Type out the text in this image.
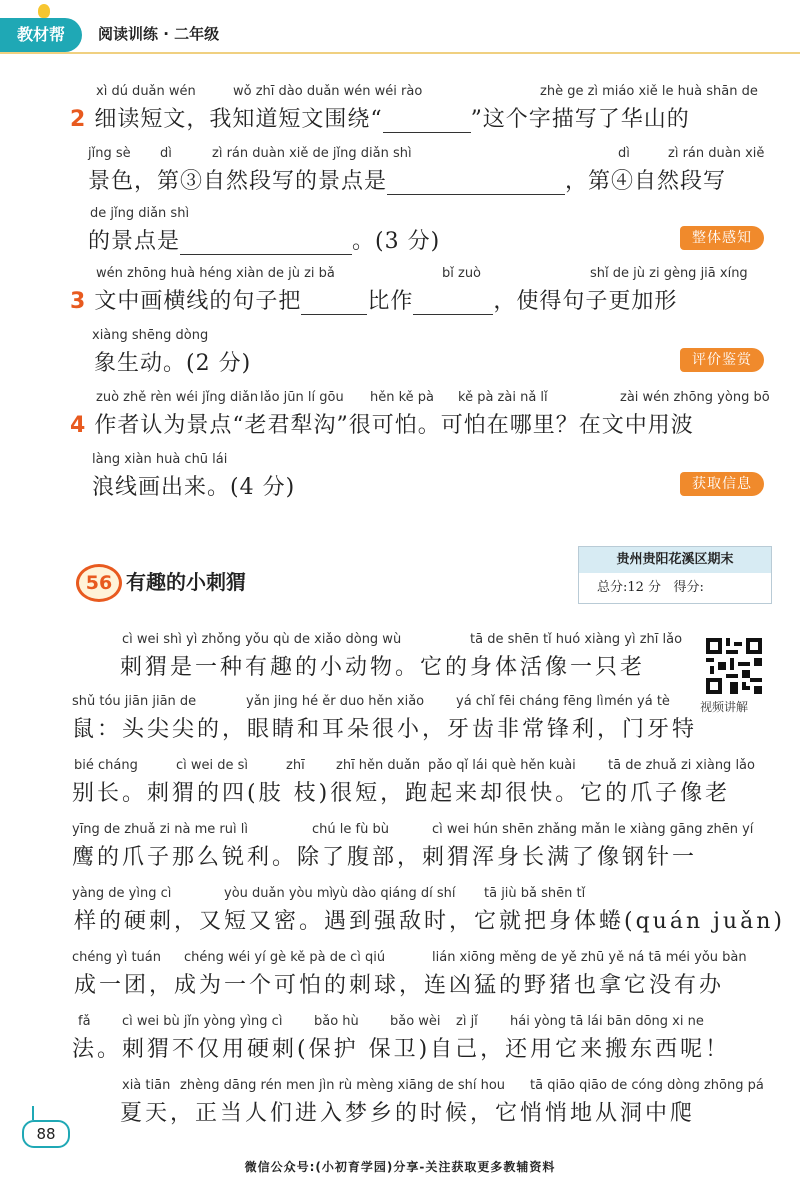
教材帮	阅读训练 · 二年级
xì dú duǎn wén	wǒ zhī dào duǎn wén wéi rào	zhè ge zì miáo xiě le huà shān de
2 细读短文，我知道短文围绕“	”这个字描写了华山的
jǐng sè dì	zì rán duàn xiě de jǐng diǎn shì	dì	zì rán duàn xiě
景色，第③自然段写的景点是	，第④自然段写
de jǐng diǎn shì
的景点是	。(3 分)	整体感知
wén zhōng huà héng xiàn de jù zi bǎ	bǐ zuò	shǐ de jù zi gèng jiā xíng
3 文中画横线的句子把	比作	，使得句子更加形
xiàng shēng dòng
象生动。(2 分)	评价鉴赏
zuò zhě rèn wéi jǐng diǎn lǎo jūn lí gōu hěn kě pà kě pà zài nǎ lǐ	zài wén zhōng yòng bō
4 作者认为景点“老君犁沟”很可怕。可怕在哪里？在文中用波
làng xiàn huà chū lái
浪线画出来。(4 分)	获取信息
56 有趣的小刺猬
贵州贵阳花溪区期末
总分:12 分 得分:
视频讲解
cì wei shì yì zhǒng yǒu qù de xiǎo dòng wù	tā de shēn tǐ huó xiàng yì zhī lǎo
刺猬是一种有趣的小动物。它的身体活像一只老
shǔ tóu jiān jiān de	yǎn jing hé ěr duo hěn xiǎo yá chǐ fēi cháng fēng lì mén yá tè
鼠：头尖尖的，眼睛和耳朵很小，牙齿非常锋利，门牙特
bié cháng	cì wei de sì	zhī zhī hěn duǎn pǎo qǐ lái què hěn kuài tā de zhuǎ zi xiàng lǎo
别长。刺猬的四(肢 枝)很短，跑起来却很快。它的爪子像老
yīng de zhuǎ zi nà me ruì lì	chú le fù bù	cì wei hún shēn zhǎng mǎn le xiàng gāng zhēn yí
鹰的爪子那么锐利。除了腹部，刺猬浑身长满了像钢针一
yàng de yìng cì	yòu duǎn yòu mì
yù dào qiáng dí shí tā jiù bǎ shēn tǐ
样的硬刺，又短又密。遇到强敌时，它就把身体蜷(quán juǎn)
chéng yì tuán chéng wéi yí gè kě pà de cì qiú	lián xiōng měng de yě zhū yě ná tā méi yǒu bàn
成一团，成为一个可怕的刺球，连凶猛的野猪也拿它没有办
fǎ cì wei bù jǐn yòng yìng cì bǎo hù bǎo wèi zì jǐ hái yòng tā lái bān dōng xi ne
法。刺猬不仅用硬刺(保护 保卫)自己，还用它来搬东西呢！
xià tiān zhèng dāng rén men jìn rù mèng xiāng de shí hou tā qiāo qiāo de cóng dòng zhōng pá
夏天，正当人们进入梦乡的时候，它悄悄地从洞中爬
88
微信公众号:(小初育学园)分享-关注获取更多教辅资料
